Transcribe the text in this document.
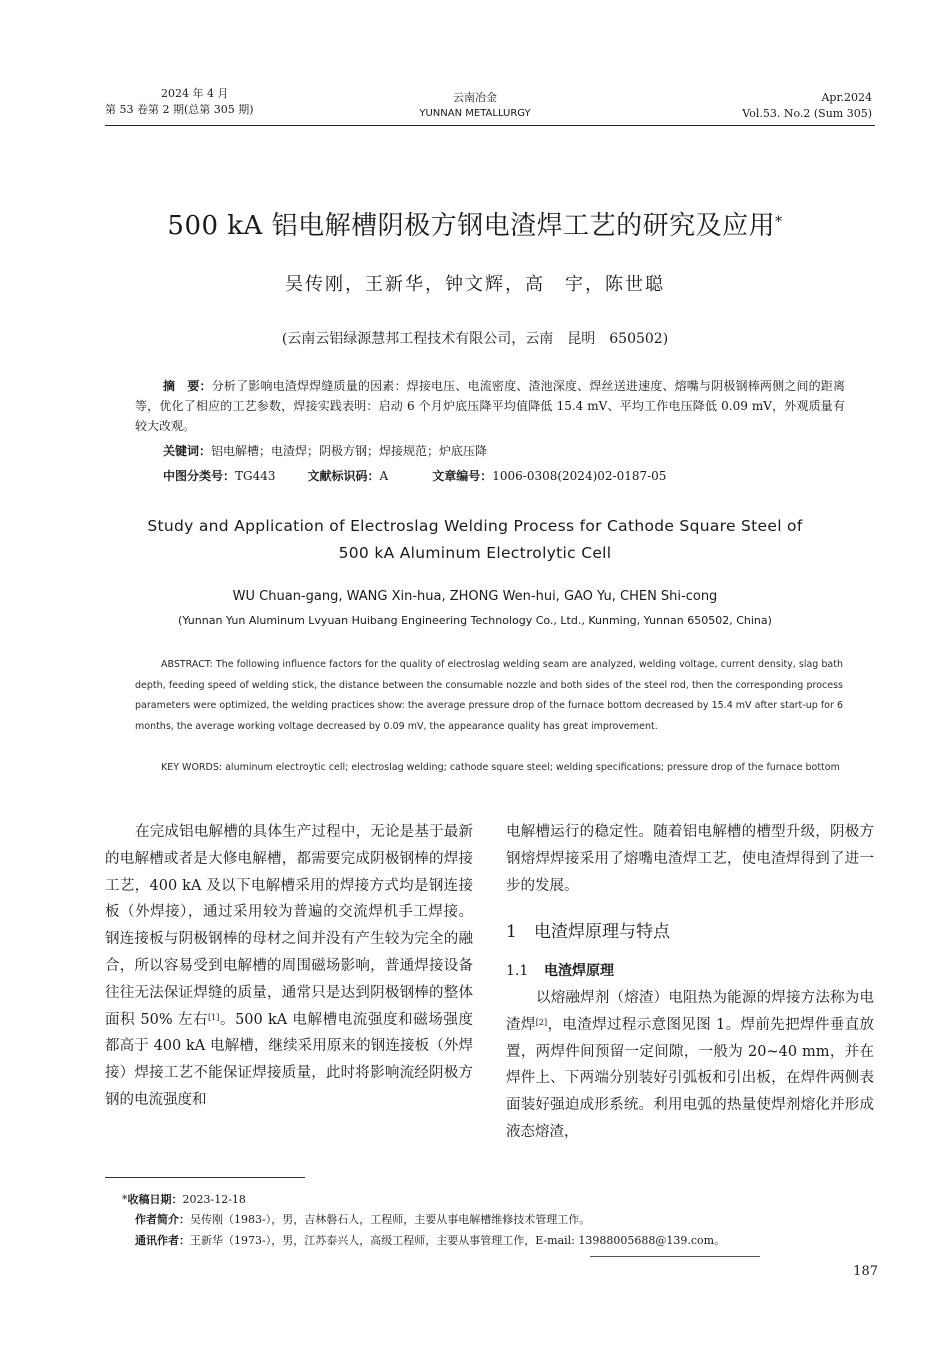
2024 年 4 月
第 53 卷第 2 期(总第 305 期)
云南冶金
YUNNAN METALLURGY
Apr.2024
Vol.53. No.2 (Sum 305)
500 kA 铝电解槽阴极方钢电渣焊工艺的研究及应用*
吴传刚，王新华，钟文辉，高　宇，陈世聪
(云南云铝绿源慧邦工程技术有限公司，云南　昆明　650502)
摘　要：分析了影响电渣焊焊缝质量的因素：焊接电压、电流密度、渣池深度、焊丝送进速度、熔嘴与阴极钢棒两侧之间的距离等，优化了相应的工艺参数，焊接实践表明：启动 6 个月炉底压降平均值降低 15.4 mV、平均工作电压降低 0.09 mV，外观质量有较大改观。
关键词：铝电解槽；电渣焊；阴极方钢；焊接规范；炉底压降
中图分类号：TG443	文献标识码：A	文章编号：1006-0308(2024)02-0187-05
Study and Application of Electroslag Welding Process for Cathode Square Steel of
500 kA Aluminum Electrolytic Cell
WU Chuan-gang, WANG Xin-hua, ZHONG Wen-hui, GAO Yu, CHEN Shi-cong
(Yunnan Yun Aluminum Lvyuan Huibang Engineering Technology Co., Ltd., Kunming, Yunnan 650502, China)
ABSTRACT: The following influence factors for the quality of electroslag welding seam are analyzed, welding voltage, current density, slag bath depth, feeding speed of welding stick, the distance between the consumable nozzle and both sides of the steel rod, then the corresponding process parameters were optimized, the welding practices show: the average pressure drop of the furnace bottom decreased by 15.4 mV after start-up for 6 months, the average working voltage decreased by 0.09 mV, the appearance quality has great improvement.
KEY WORDS: aluminum electroytic cell; electroslag welding; cathode square steel; welding specifications; pressure drop of the furnace bottom
在完成铝电解槽的具体生产过程中，无论是基于最新的电解槽或者是大修电解槽，都需要完成阴极钢棒的焊接工艺，400 kA 及以下电解槽采用的焊接方式均是钢连接板（外焊接），通过采用较为普遍的交流焊机手工焊接。钢连接板与阴极钢棒的母材之间并没有产生较为完全的融合，所以容易受到电解槽的周围磁场影响，普通焊接设备往往无法保证焊缝的质量，通常只是达到阴极钢棒的整体面积 50% 左右[1]。500 kA 电解槽电流强度和磁场强度都高于 400 kA 电解槽，继续采用原来的钢连接板（外焊接）焊接工艺不能保证焊接质量，此时将影响流经阴极方钢的电流强度和
电解槽运行的稳定性。随着铝电解槽的槽型升级，阴极方钢熔焊焊接采用了熔嘴电渣焊工艺，使电渣焊得到了进一步的发展。
1 电渣焊原理与特点
1.1 电渣焊原理
以熔融焊剂（熔渣）电阻热为能源的焊接方法称为电渣焊[2]，电渣焊过程示意图见图 1。焊前先把焊件垂直放置，两焊件间预留一定间隙，一般为 20~40 mm，并在焊件上、下两端分别装好引弧板和引出板，在焊件两侧表面装好强迫成形系统。利用电弧的热量使焊剂熔化并形成液态熔渣，
*收稿日期：2023-12-18
作者简介：吴传刚（1983-），男，吉林磐石人，工程师，主要从事电解槽维修技术管理工作。
通讯作者：王新华（1973-），男，江苏泰兴人，高级工程师，主要从事管理工作，E-mail: 13988005688@139.com。
187
